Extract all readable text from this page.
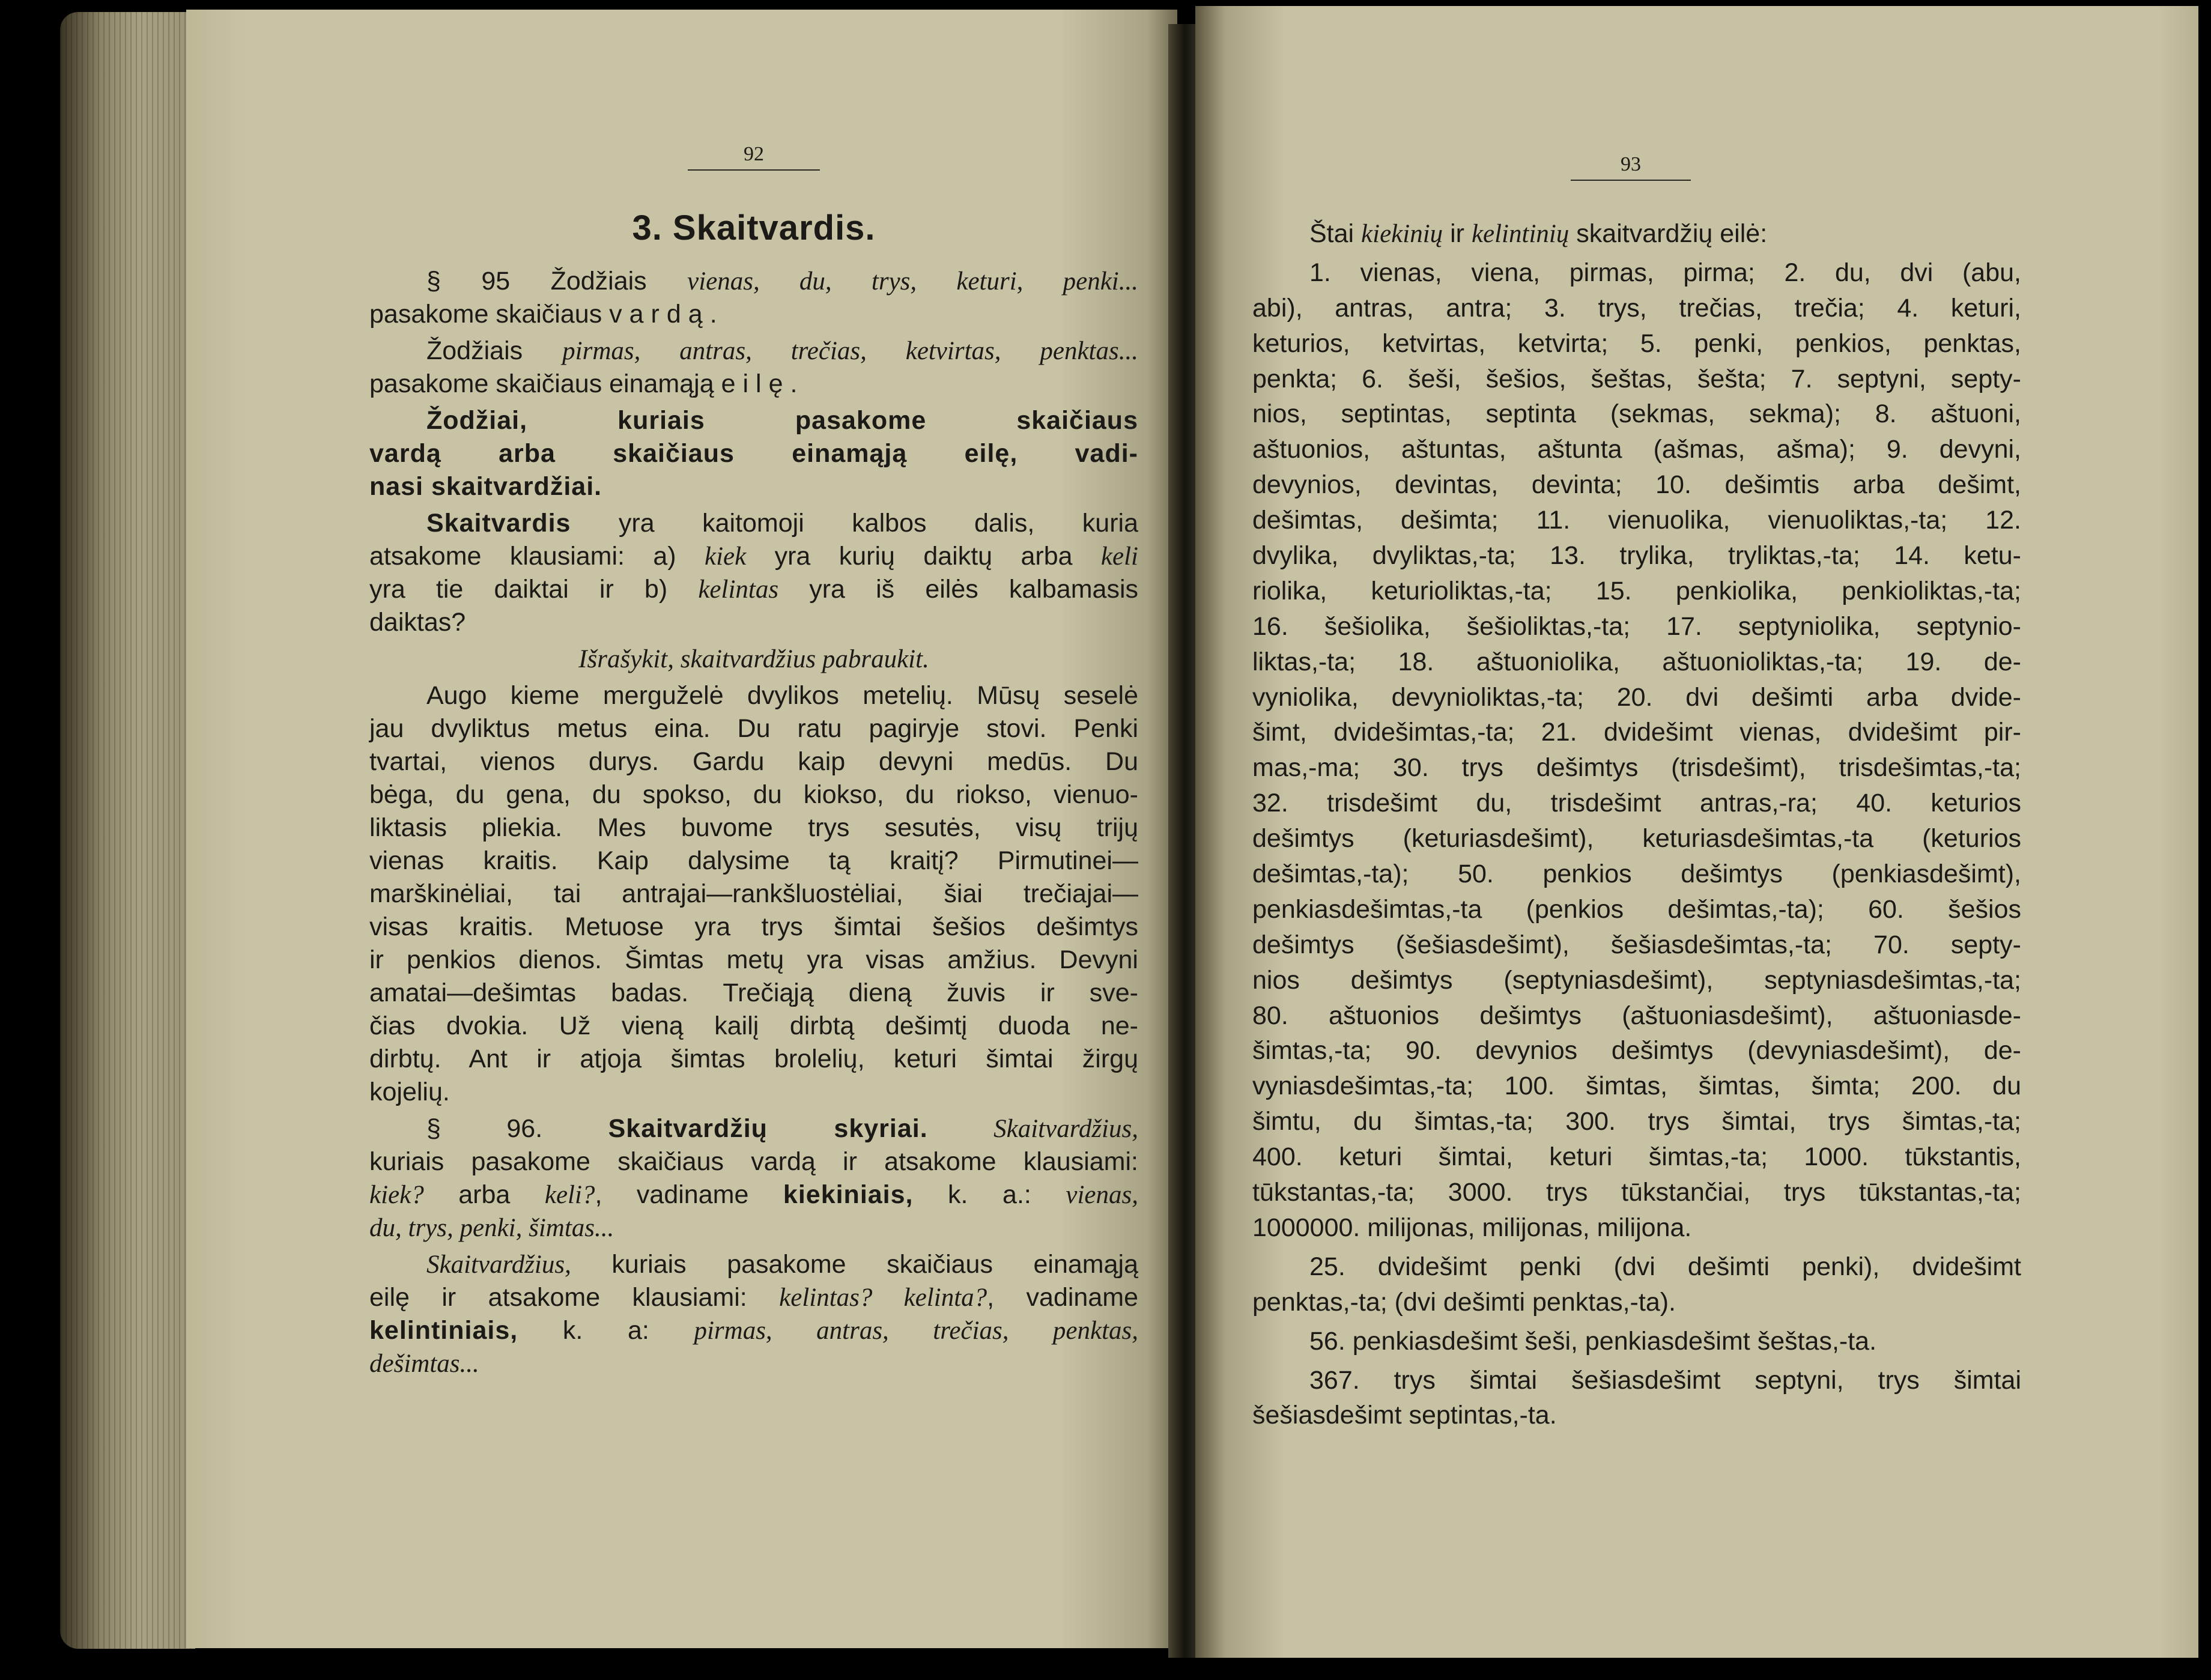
92
3. Skaitvardis.
§ 95 Žodžiais vienas, du, trys, keturi, penki...
pasakome skaičiaus vardą.
Žodžiais pirmas, antras, trečias, ketvirtas, penktas...
pasakome skaičiaus einamąją eilę.
Žodžiai, kuriais pasakome skaičiaus
vardą arba skaičiaus einamąją eilę, vadi-
nasi skaitvardžiai.
Skaitvardis yra kaitomoji kalbos dalis, kuria
atsakome klausiami: a) kiek yra kurių daiktų arba keli
yra tie daiktai ir b) kelintas yra iš eilės kalbamasis
daiktas?
Išrašykit, skaitvardžius pabraukit.
Augo kieme merguželė dvylikos metelių. Mūsų seselė
jau dvyliktus metus eina. Du ratu pagiryje stovi. Penki
tvartai, vienos durys. Gardu kaip devyni medūs. Du
bėga, du gena, du spokso, du kiokso, du riokso, vienuo-
liktasis pliekia. Mes buvome trys sesutės, visų trijų
vienas kraitis. Kaip dalysime tą kraitį? Pirmutinei—
marškinėliai, tai antrajai—rankšluostėliai, šiai trečiajai—
visas kraitis. Metuose yra trys šimtai šešios dešimtys
ir penkios dienos. Šimtas metų yra visas amžius. Devyni
amatai—dešimtas badas. Trečiąją dieną žuvis ir sve-
čias dvokia. Už vieną kailį dirbtą dešimtį duoda ne-
dirbtų. Ant ir atjoja šimtas brolelių, keturi šimtai žirgų
kojelių.
§ 96. Skaitvardžių skyriai.	Skaitvardžius,
kuriais pasakome skaičiaus vardą ir atsakome klausiami:
kiek? arba keli?, vadiname kiekiniais, k. a.: vienas,
du, trys, penki, šimtas...
Skaitvardžius, kuriais pasakome skaičiaus einamąją
eilę ir atsakome klausiami: kelintas? kelinta?, vadiname
kelintiniais, k. a: pirmas, antras, trečias, penktas,
dešimtas...
93
Štai kiekinių ir kelintinių skaitvardžių eilė:
1. vienas, viena, pirmas, pirma; 2. du, dvi (abu,
abi), antras, antra; 3. trys, trečias, trečia; 4. keturi,
keturios, ketvirtas, ketvirta; 5. penki, penkios, penktas,
penkta; 6. šeši, šešios, šeštas, šešta; 7. septyni, septy-
nios, septintas, septinta (sekmas, sekma); 8. aštuoni,
aštuonios, aštuntas, aštunta (ašmas, ašma); 9. devyni,
devynios, devintas, devinta; 10. dešimtis arba dešimt,
dešimtas, dešimta; 11. vienuolika, vienuoliktas,-ta; 12.
dvylika, dvyliktas,-ta; 13. trylika, tryliktas,-ta; 14. ketu-
riolika, keturioliktas,-ta; 15. penkiolika, penkioliktas,-ta;
16. šešiolika, šešioliktas,-ta; 17. septyniolika, septynio-
liktas,-ta; 18. aštuoniolika, aštuonioliktas,-ta; 19. de-
vyniolika, devynioliktas,-ta; 20. dvi dešimti arba dvide-
šimt, dvidešimtas,-ta; 21. dvidešimt vienas, dvidešimt pir-
mas,-ma; 30. trys dešimtys (trisdešimt), trisdešimtas,-ta;
32. trisdešimt du, trisdešimt antras,-ra; 40. keturios
dešimtys (keturiasdešimt), keturiasdešimtas,-ta (keturios
dešimtas,-ta); 50. penkios dešimtys (penkiasdešimt),
penkiasdešimtas,-ta (penkios dešimtas,-ta); 60. šešios
dešimtys (šešiasdešimt), šešiasdešimtas,-ta; 70. septy-
nios dešimtys (septyniasdešimt), septyniasdešimtas,-ta;
80. aštuonios dešimtys (aštuoniasdešimt), aštuoniasde-
šimtas,-ta; 90. devynios dešimtys (devyniasdešimt), de-
vyniasdešimtas,-ta; 100. šimtas, šimtas, šimta; 200. du
šimtu, du šimtas,-ta; 300. trys šimtai, trys šimtas,-ta;
400. keturi šimtai, keturi šimtas,-ta; 1000. tūkstantis,
tūkstantas,-ta; 3000. trys tūkstančiai, trys tūkstantas,-ta;
1000000. milijonas, milijonas, milijona.
25. dvidešimt penki (dvi dešimti penki), dvidešimt
penktas,-ta; (dvi dešimti penktas,-ta).
56. penkiasdešimt šeši, penkiasdešimt šeštas,-ta.
367. trys šimtai šešiasdešimt septyni, trys šimtai
šešiasdešimt septintas,-ta.
